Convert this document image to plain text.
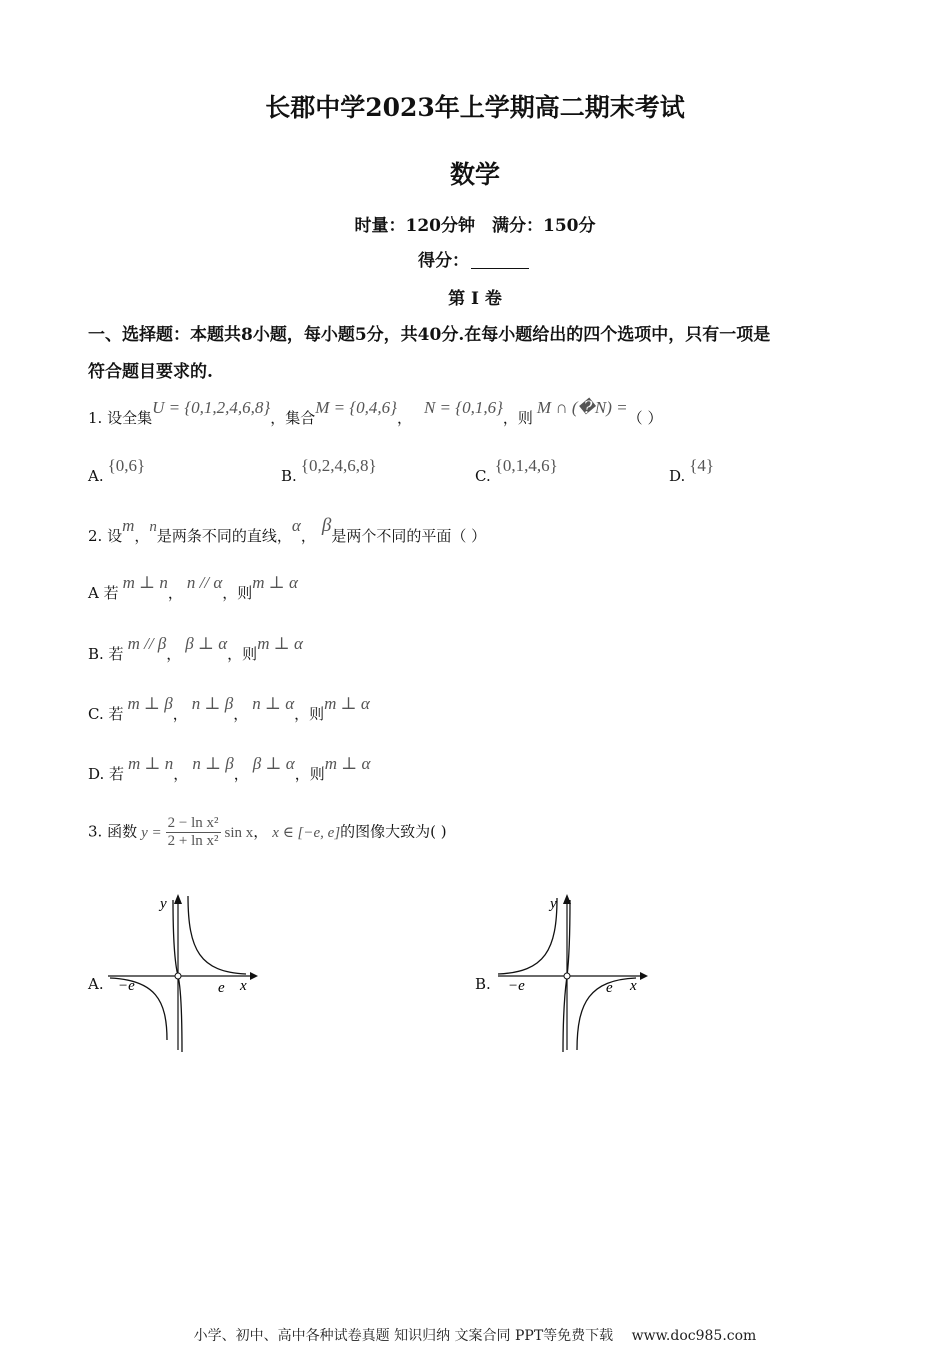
长郡中学2023年上学期高二期末考试
数学
时量：120分钟　满分：150分
得分：
第 Ⅰ 卷
一、选择题：本题共8小题，每小题5分，共40分.在每小题给出的四个选项中，只有一项是
符合题目要求的.
1. 设全集U = {0,1,2,4,6,8}，集合M = {0,4,6}，N = {0,1,6}，则M ∩ (�N) =（ ）
A.{0,6}
B.{0,2,4,6,8}
C.{0,1,4,6}
D.{4}
2. 设m，n是两条不同的直线，α， β是两个不同的平面（ ）
A 若m ⊥ n，n // α，则m ⊥ α
B. 若m // β，β ⊥ α，则m ⊥ α
C. 若m ⊥ β，n ⊥ β，n ⊥ α，则m ⊥ α
D. 若m ⊥ n，n ⊥ β，β ⊥ α，则m ⊥ α
3. 函数 $y = \frac{\text{2 − ln x²}}{\text{2 + ln x²}}$ sin x， x ∈ [−e, e]的图像大致为( )
A.
y
x
−e	e	B.
y
x
−e	e
小学、初中、高中各种试卷真题 知识归纳 文案合同 PPT等免费下载　 www.doc985.com
